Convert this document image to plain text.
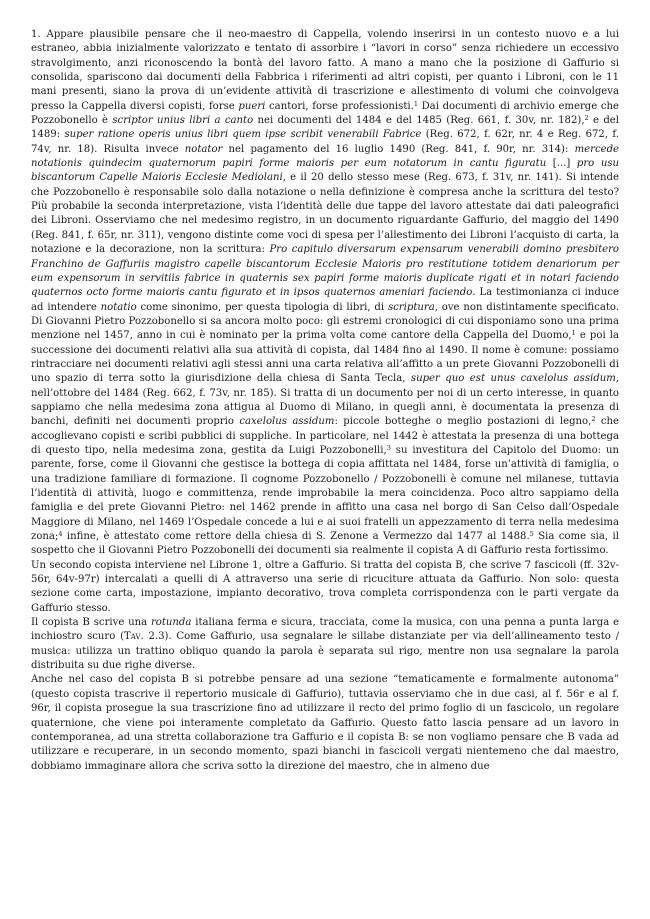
1. Appare plausibile pensare che il neo-maestro di Cappella, volendo inserirsi in un contesto nuovo e a lui estraneo, abbia inizialmente valorizzato e tentato di assorbire i “lavori in corso” senza richiedere un eccessivo stravolgimento, anzi riconoscendo la bontà del lavoro fatto. A mano a mano che la posizione di Gaffurio si consolida, spariscono dai documenti della Fabbrica i riferimenti ad altri copisti, per quanto i Libroni, con le 11 mani presenti, siano la prova di un’evidente attività di trascrizione e allestimento di volumi che coinvolgeva presso la Cappella diversi copisti, forse pueri cantori, forse professionisti.$^1$ Dai documenti di archivio emerge che Pozzobonello è scriptor unius libri a canto nei documenti del 1484 e del 1485 (Reg. 661, f. 30v, nr. 182),$^2$ e del 1489: super ratione operis unius libri quem ipse scribit venerabili Fabrice (Reg. 672, f. 62r, nr. 4 e Reg. 672, f. 74v, nr. 18). Risulta invece notator nel pagamento del 16 luglio 1490 (Reg. 841, f. 90r, nr. 314): mercede notationis quindecim quaternorum papiri forme maioris per eum notatorum in cantu figuratu [...] pro usu biscantorum Capelle Maioris Ecclesie Mediolani, e il 20 dello stesso mese (Reg. 673, f. 31v, nr. 141). Si intende che Pozzobonello è responsabile solo dalla notazione o nella definizione è compresa anche la scrittura del testo? Più probabile la seconda interpretazione, vista l’identità delle due tappe del lavoro attestate dai dati paleografici dei Libroni. Osserviamo che nel medesimo registro, in un documento riguardante Gaffurio, del maggio del 1490 (Reg. 841, f. 65r, nr. 311), vengono distinte come voci di spesa per l’allestimento dei Libroni l’acquisto di carta, la notazione e la decorazione, non la scrittura: Pro capitulo diversarum expensarum venerabili domino presbitero Franchino de Gaffuriis magistro capelle biscantorum Ecclesie Maioris pro restitutione totidem denariorum per eum expensorum in servitiis fabrice in quaternis sex papiri forme maioris duplicate rigati et in notari faciendo quaternos octo forme maioris cantu figurato et in ipsos quaternos ameniari faciendo. La testimonianza ci induce ad intendere notatio come sinonimo, per questa tipologia di libri, di scriptura, ove non distintamente specificato. Di Giovanni Pietro Pozzobonello si sa ancora molto poco: gli estremi cronologici di cui disponiamo sono una prima menzione nel 1457, anno in cui è nominato per la prima volta come cantore della Cappella del Duomo,$^1$ e poi la successione dei documenti relativi alla sua attività di copista, dal 1484 fino al 1490. Il nome è comune: possiamo rintracciare nei documenti relativi agli stessi anni una carta relativa all’affitto a un prete Giovanni Pozzobonelli di uno spazio di terra sotto la giurisdizione della chiesa di Santa Tecla, super quo est unus caxelolus assidum, nell’ottobre del 1484 (Reg. 662, f. 73v, nr. 185). Si tratta di un documento per noi di un certo interesse, in quanto sappiamo che nella medesima zona attigua al Duomo di Milano, in quegli anni, è documentata la presenza di banchi, definiti nei documenti proprio caxelolus assidum: piccole botteghe o meglio postazioni di legno,$^2$ che accoglievano copisti e scribi pubblici di suppliche. In particolare, nel 1442 è attestata la presenza di una bottega di questo tipo, nella medesima zona, gestita da Luigi Pozzobonelli,$^3$ su investitura del Capitolo del Duomo: un parente, forse, come il Giovanni che gestisce la bottega di copia affittata nel 1484, forse un’attività di famiglia, o una tradizione familiare di formazione. Il cognome Pozzobonello / Pozzobonelli è comune nel milanese, tuttavia l’identità di attività, luogo e committenza, rende improbabile la mera coincidenza. Poco altro sappiamo della famiglia e del prete Giovanni Pietro: nel 1462 prende in affitto una casa nel borgo di San Celso dall’Ospedale Maggiore di Milano, nel 1469 l’Ospedale concede a lui e ai suoi fratelli un appezzamento di terra nella medesima zona;$^4$ infine, è attestato come rettore della chiesa di S. Zenone a Vermezzo dal 1477 al 1488.$^5$ Sia come sia, il sospetto che il Giovanni Pietro Pozzobonelli dei documenti sia realmente il copista A di Gaffurio resta fortissimo.

Un secondo copista interviene nel Librone 1, oltre a Gaffurio. Si tratta del copista B, che scrive 7 fascicoli (ff. 32v-56r, 64v-97r) intercalati a quelli di A attraverso una serie di ricuciture attuata da Gaffurio. Non solo: questa sezione come carta, impostazione, impianto decorativo, trova completa corrispondenza con le parti vergate da Gaffurio stesso.

Il copista B scrive una rotunda italiana ferma e sicura, tracciata, come la musica, con una penna a punta larga e inchiostro scuro (Tav. 2.3). Come Gaffurio, usa segnalare le sillabe distanziate per via dell’allineamento testo / musica: utilizza un trattino obliquo quando la parola è separata sul rigo, mentre non usa segnalare la parola distribuita su due righe diverse.

Anche nel caso del copista B si potrebbe pensare ad una sezione “tematicamente e formalmente autonoma” (questo copista trascrive il repertorio musicale di Gaffurio), tuttavia osserviamo che in due casi, al f. 56r e al f. 96r, il copista prosegue la sua trascrizione fino ad utilizzare il recto del primo foglio di un fascicolo, un regolare quaternione, che viene poi interamente completato da Gaffurio. Questo fatto lascia pensare ad un lavoro in contemporanea, ad una stretta collaborazione tra Gaffurio e il copista B: se non vogliamo pensare che B vada ad utilizzare e recuperare, in un secondo momento, spazi bianchi in fascicoli vergati nientemeno che dal maestro, dobbiamo immaginare allora che scriva sotto la direzione del maestro, che in almeno due
